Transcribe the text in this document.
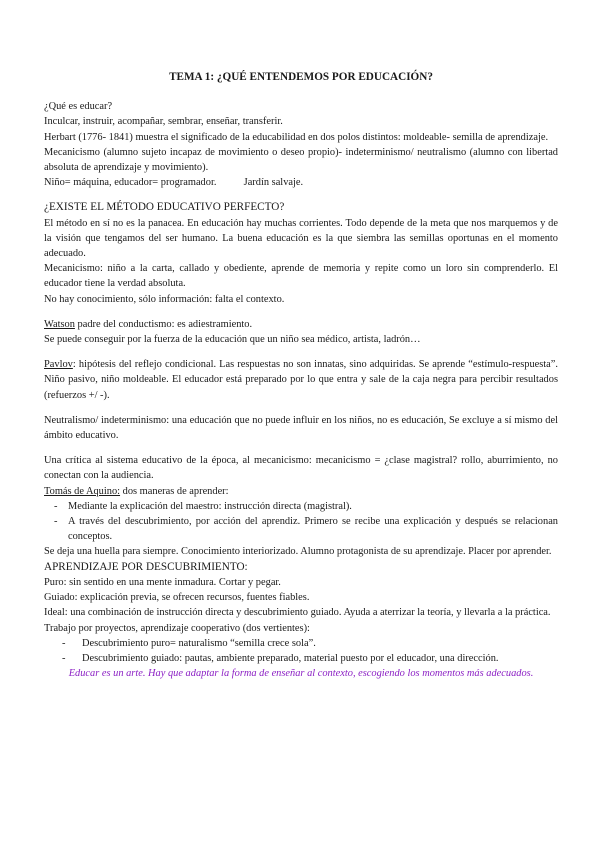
TEMA 1: ¿QUÉ ENTENDEMOS POR EDUCACIÓN?

¿Qué es educar?

Inculcar, instruir, acompañar, sembrar, enseñar, transferir.

Herbart (1776- 1841) muestra el significado de la educabilidad en dos polos distintos: moldeable- semilla de aprendizaje.

Mecanicismo (alumno sujeto incapaz de movimiento o deseo propio)- indeterminismo/ neutralismo (alumno con libertad absoluta de aprendizaje y movimiento).

Niño= máquina, educador= programador.	Jardín salvaje.

¿EXISTE EL MÉTODO EDUCATIVO PERFECTO?

El método en sí no es la panacea. En educación hay muchas corrientes. Todo depende de la meta que nos marquemos y de la visión que tengamos del ser humano. La buena educación es la que siembra las semillas oportunas en el momento adecuado.

Mecanicismo: niño a la carta, callado y obediente, aprende de memoria y repite como un loro sin comprenderlo. El educador tiene la verdad absoluta.

No hay conocimiento, sólo información: falta el contexto.

Watson padre del conductismo: es adiestramiento.

Se puede conseguir por la fuerza de la educación que un niño sea médico, artista, ladrón…

Pavlov: hipótesis del reflejo condicional. Las respuestas no son innatas, sino adquiridas. Se aprende “estímulo-respuesta”. Niño pasivo, niño moldeable. El educador está preparado por lo que entra y sale de la caja negra para percibir resultados (refuerzos +/ -).

Neutralismo/ indeterminismo: una educación que no puede influir en los niños, no es educación, Se excluye a sí mismo del ámbito educativo.

Una crítica al sistema educativo de la época, al mecanicismo: mecanicismo = ¿clase magistral? rollo, aburrimiento, no conectan con la audiencia.

Tomás de Aquino: dos maneras de aprender:

- Mediante la explicación del maestro: instrucción directa (magistral).
- A través del descubrimiento, por acción del aprendiz. Primero se recibe una explicación y después se relacionan conceptos.

Se deja una huella para siempre. Conocimiento interiorizado. Alumno protagonista de su aprendizaje. Placer por aprender.

APRENDIZAJE POR DESCUBRIMIENTO:

Puro: sin sentido en una mente inmadura. Cortar y pegar.

Guiado: explicación previa, se ofrecen recursos, fuentes fiables.

Ideal: una combinación de instrucción directa y descubrimiento guiado. Ayuda a aterrizar la teoría, y llevarla a la práctica.

Trabajo por proyectos, aprendizaje cooperativo (dos vertientes):

- Descubrimiento puro= naturalismo “semilla crece sola”.
- Descubrimiento guiado: pautas, ambiente preparado, material puesto por el educador, una dirección.

Educar es un arte. Hay que adaptar la forma de enseñar al contexto, escogiendo los momentos más adecuados.
